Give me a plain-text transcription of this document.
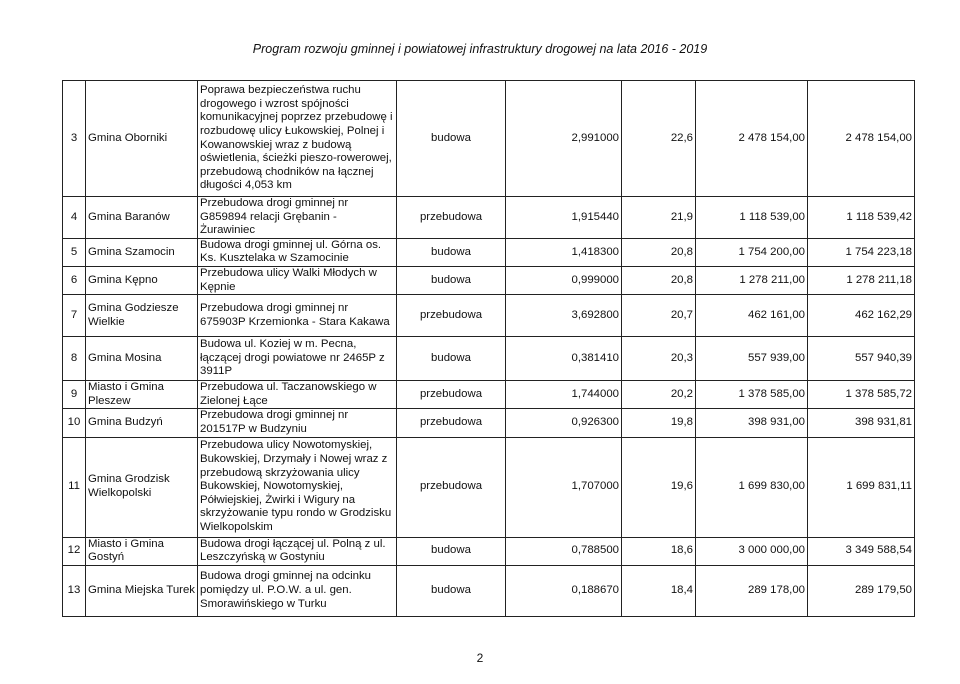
Program rozwoju gminnej i powiatowej infrastruktury drogowej na lata 2016 - 2019
3	Gmina Oborniki	Poprawa bezpieczeństwa ruchu drogowego i wzrost spójności komunikacyjnej poprzez przebudowę i rozbudowę ulicy Łukowskiej, Polnej i Kowanowskiej wraz z budową oświetlenia, ścieżki pieszo-rowerowej, przebudową chodników na łącznej długości 4,053 km	budowa	2,991000	22,6	2 478 154,00	2 478 154,00
4	Gmina Baranów	Przebudowa drogi gminnej nr G859894 relacji Grębanin - Żurawiniec	przebudowa	1,915440	21,9	1 118 539,00	1 118 539,42
5	Gmina Szamocin	Budowa drogi gminnej ul. Górna os. Ks. Kusztelaka w Szamocinie	budowa	1,418300	20,8	1 754 200,00	1 754 223,18
6	Gmina Kępno	Przebudowa ulicy Walki Młodych w Kępnie	budowa	0,999000	20,8	1 278 211,00	1 278 211,18
7	Gmina Godziesze Wielkie	Przebudowa drogi gminnej nr 675903P Krzemionka - Stara Kakawa	przebudowa	3,692800	20,7	462 161,00	462 162,29
8	Gmina Mosina	Budowa ul. Koziej w m. Pecna, łączącej drogi powiatowe nr 2465P z 3911P	budowa	0,381410	20,3	557 939,00	557 940,39
9	Miasto i Gmina Pleszew	Przebudowa ul. Taczanowskiego w Zielonej Łące	przebudowa	1,744000	20,2	1 378 585,00	1 378 585,72
10	Gmina Budzyń	Przebudowa drogi gminnej nr 201517P w Budzyniu	przebudowa	0,926300	19,8	398 931,00	398 931,81
11	Gmina Grodzisk Wielkopolski	Przebudowa ulicy Nowotomyskiej, Bukowskiej, Drzymały i Nowej wraz z przebudową skrzyżowania ulicy Bukowskiej, Nowotomyskiej, Półwiejskiej, Żwirki i Wigury na skrzyżowanie typu rondo w Grodzisku Wielkopolskim	przebudowa	1,707000	19,6	1 699 830,00	1 699 831,11
12	Miasto i Gmina Gostyń	Budowa drogi łączącej ul. Polną z ul. Leszczyńską w Gostyniu	budowa	0,788500	18,6	3 000 000,00	3 349 588,54
13	Gmina Miejska Turek	Budowa drogi gminnej na odcinku pomiędzy ul. P.O.W. a ul. gen. Smorawińskiego w Turku	budowa	0,188670	18,4	289 178,00	289 179,50
2
